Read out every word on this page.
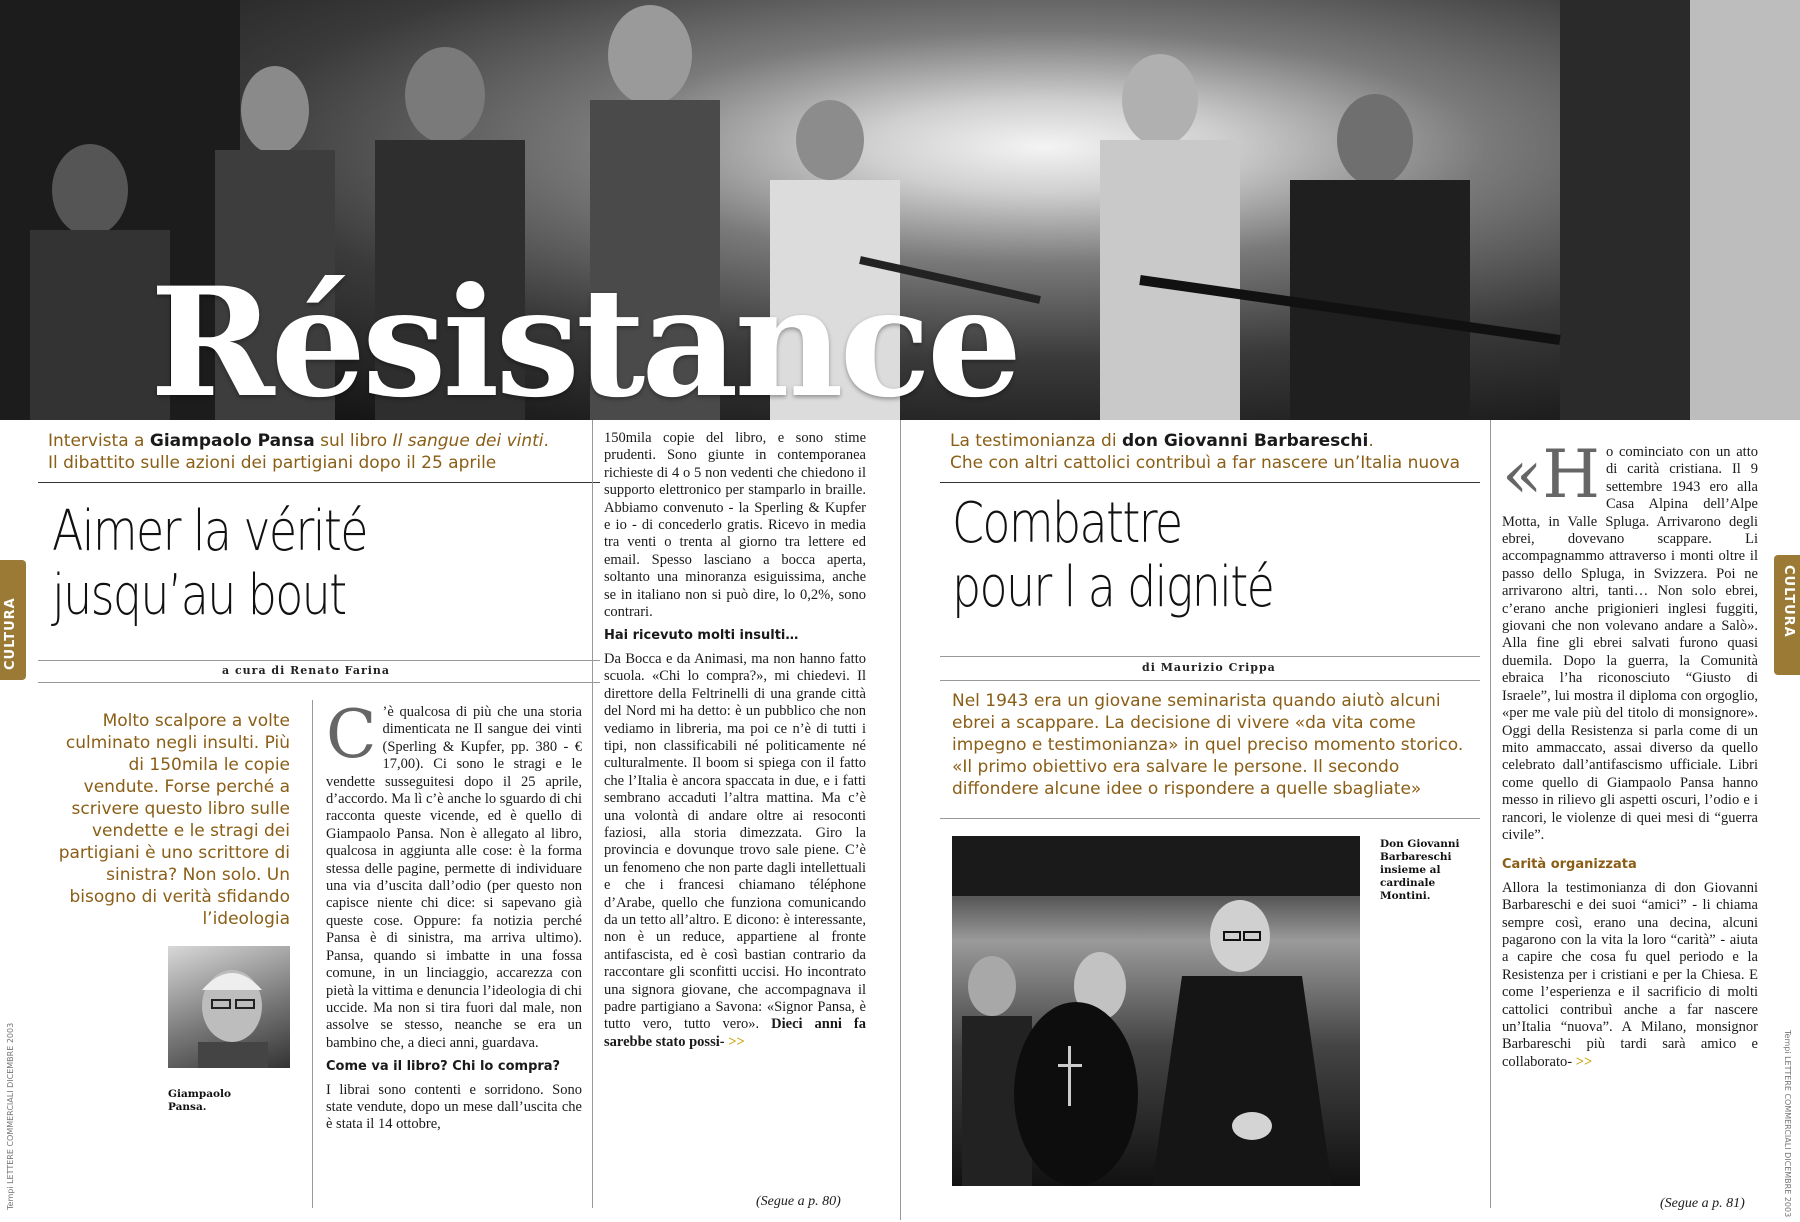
Résistance
CULTURA	CULTURA
Tempi LETTERE COMMERCIALI DICEMBRE 2003	Tempi LETTERE COMMERCIALI DICEMBRE 2003
Intervista a Giampaolo Pansa sul libro Il sangue dei vinti.
Il dibattito sulle azioni dei partigiani dopo il 25 aprile
Aimer la vérité
jusqu’au bout
a cura di Renato Farina
Molto scalpore a volte culminato negli insulti. Più di 150mila le copie vendute. Forse perché a scrivere questo libro sulle vendette e le stragi dei partigiani è uno scrittore di sinistra? Non solo. Un bisogno di verità sfidando l’ideologia
Giampaolo Pansa.

C ’è qualcosa di più che una storia dimenticata ne Il sangue dei vinti (Sperling & Kupfer, pp. 380 - € 17,00). Ci sono le stragi e le vendette susseguitesi dopo il 25 aprile, d’accordo. Ma lì c’è anche lo sguardo di chi racconta queste vicende, ed è quello di Giampaolo Pansa. Non è allegato al libro, qualcosa in aggiunta alle cose: è la forma stessa delle pagine, permette di individuare una via d’uscita dall’odio (per questo non capisce niente chi dice: si sapevano già queste cose. Oppure: fa notizia perché Pansa è di sinistra, ma arriva ultimo). Pansa, quando si imbatte in una fossa comune, in un linciaggio, accarezza con pietà la vittima e denuncia l’ideologia di chi uccide. Ma non si tira fuori dal male, non assolve se stesso, neanche se era un bambino che, a dieci anni, guardava.

Come va il libro? Chi lo compra?

I librai sono contenti e sorridono. Sono state vendute, dopo un mese dall’uscita che è stata il 14 ottobre,

150mila copie del libro, e sono stime prudenti. Sono giunte in contemporanea richieste di 4 o 5 non vedenti che chiedono il supporto elettronico per stamparlo in braille. Abbiamo convenuto - la Sperling & Kupfer e io - di concederlo gratis. Ricevo in media tra venti o trenta al giorno tra lettere ed email. Spesso lasciano a bocca aperta, soltanto una minoranza esiguissima, anche se in italiano non si può dire, lo 0,2%, sono contrari.

Hai ricevuto molti insulti…

Da Bocca e da Animasi, ma non hanno fatto scuola. «Chi lo compra?», mi chiedevi. Il direttore della Feltrinelli di una grande città del Nord mi ha detto: è un pubblico che non vediamo in libreria, ma poi ce n’è di tutti i tipi, non classificabili né politicamente né culturalmente. Il boom si spiega con il fatto che l’Italia è ancora spaccata in due, e i fatti sembrano accaduti l’altra mattina. Ma c’è una volontà di andare oltre ai resoconti faziosi, alla storia dimezzata. Giro la provincia e dovunque trovo sale piene. C’è un fenomeno che non parte dagli intellettuali e che i francesi chiamano téléphone d’Arabe, quello che funziona comunicando da un tetto all’altro. E dicono: è interessante, non è un reduce, appartiene al fronte antifascista, ed è così bastian contrario da raccontare gli sconfitti uccisi. Ho incontrato una signora giovane, che accompagnava il padre partigiano a Savona: «Signor Pansa, è tutto vero, tutto vero». Dieci anni fa sarebbe stato possi- >>

(Segue a p. 80)
La testimonianza di don Giovanni Barbareschi.
Che con altri cattolici contribuì a far nascere un’Italia nuova
Combattre
pour l a dignité
di Maurizio Crippa
Nel 1943 era un giovane seminarista quando aiutò alcuni ebrei a scappare. La decisione di vivere «da vita come impegno e testimonianza» in quel preciso momento storico. «Il primo obiettivo era salvare le persone. Il secondo diffondere alcune idee o rispondere a quelle sbagliate»
Don Giovanni Barbareschi insieme al cardinale Montini.

«Ho cominciato con un atto di carità cristiana. Il 9 settembre 1943 ero alla Casa Alpina dell’Alpe Motta, in Valle Spluga. Arrivarono degli ebrei, dovevano scappare. Li accompagnammo attraverso i monti oltre il passo dello Spluga, in Svizzera. Poi ne arrivarono altri, tanti… Non solo ebrei, c’erano anche prigionieri inglesi fuggiti, giovani che non volevano andare a Salò». Alla fine gli ebrei salvati furono quasi duemila. Dopo la guerra, la Comunità ebraica l’ha riconosciuto “Giusto di Israele”, lui mostra il diploma con orgoglio, «per me vale più del titolo di monsignore». Oggi della Resistenza si parla come di un mito ammaccato, assai diverso da quello celebrato dall’antifascismo ufficiale. Libri come quello di Giampaolo Pansa hanno messo in rilievo gli aspetti oscuri, l’odio e i rancori, le violenze di quei mesi di “guerra civile”.

Carità organizzata

Allora la testimonianza di don Giovanni Barbareschi e dei suoi “amici” - li chiama sempre così, erano una decina, alcuni pagarono con la vita la loro “carità” - aiuta a capire che cosa fu quel periodo e la Resistenza per i cristiani e per la Chiesa. E come l’esperienza e il sacrificio di molti cattolici contribuì anche a far nascere un’Italia “nuova”. A Milano, monsignor Barbareschi più tardi sarà amico e collaborato- >>

(Segue a p. 81)
